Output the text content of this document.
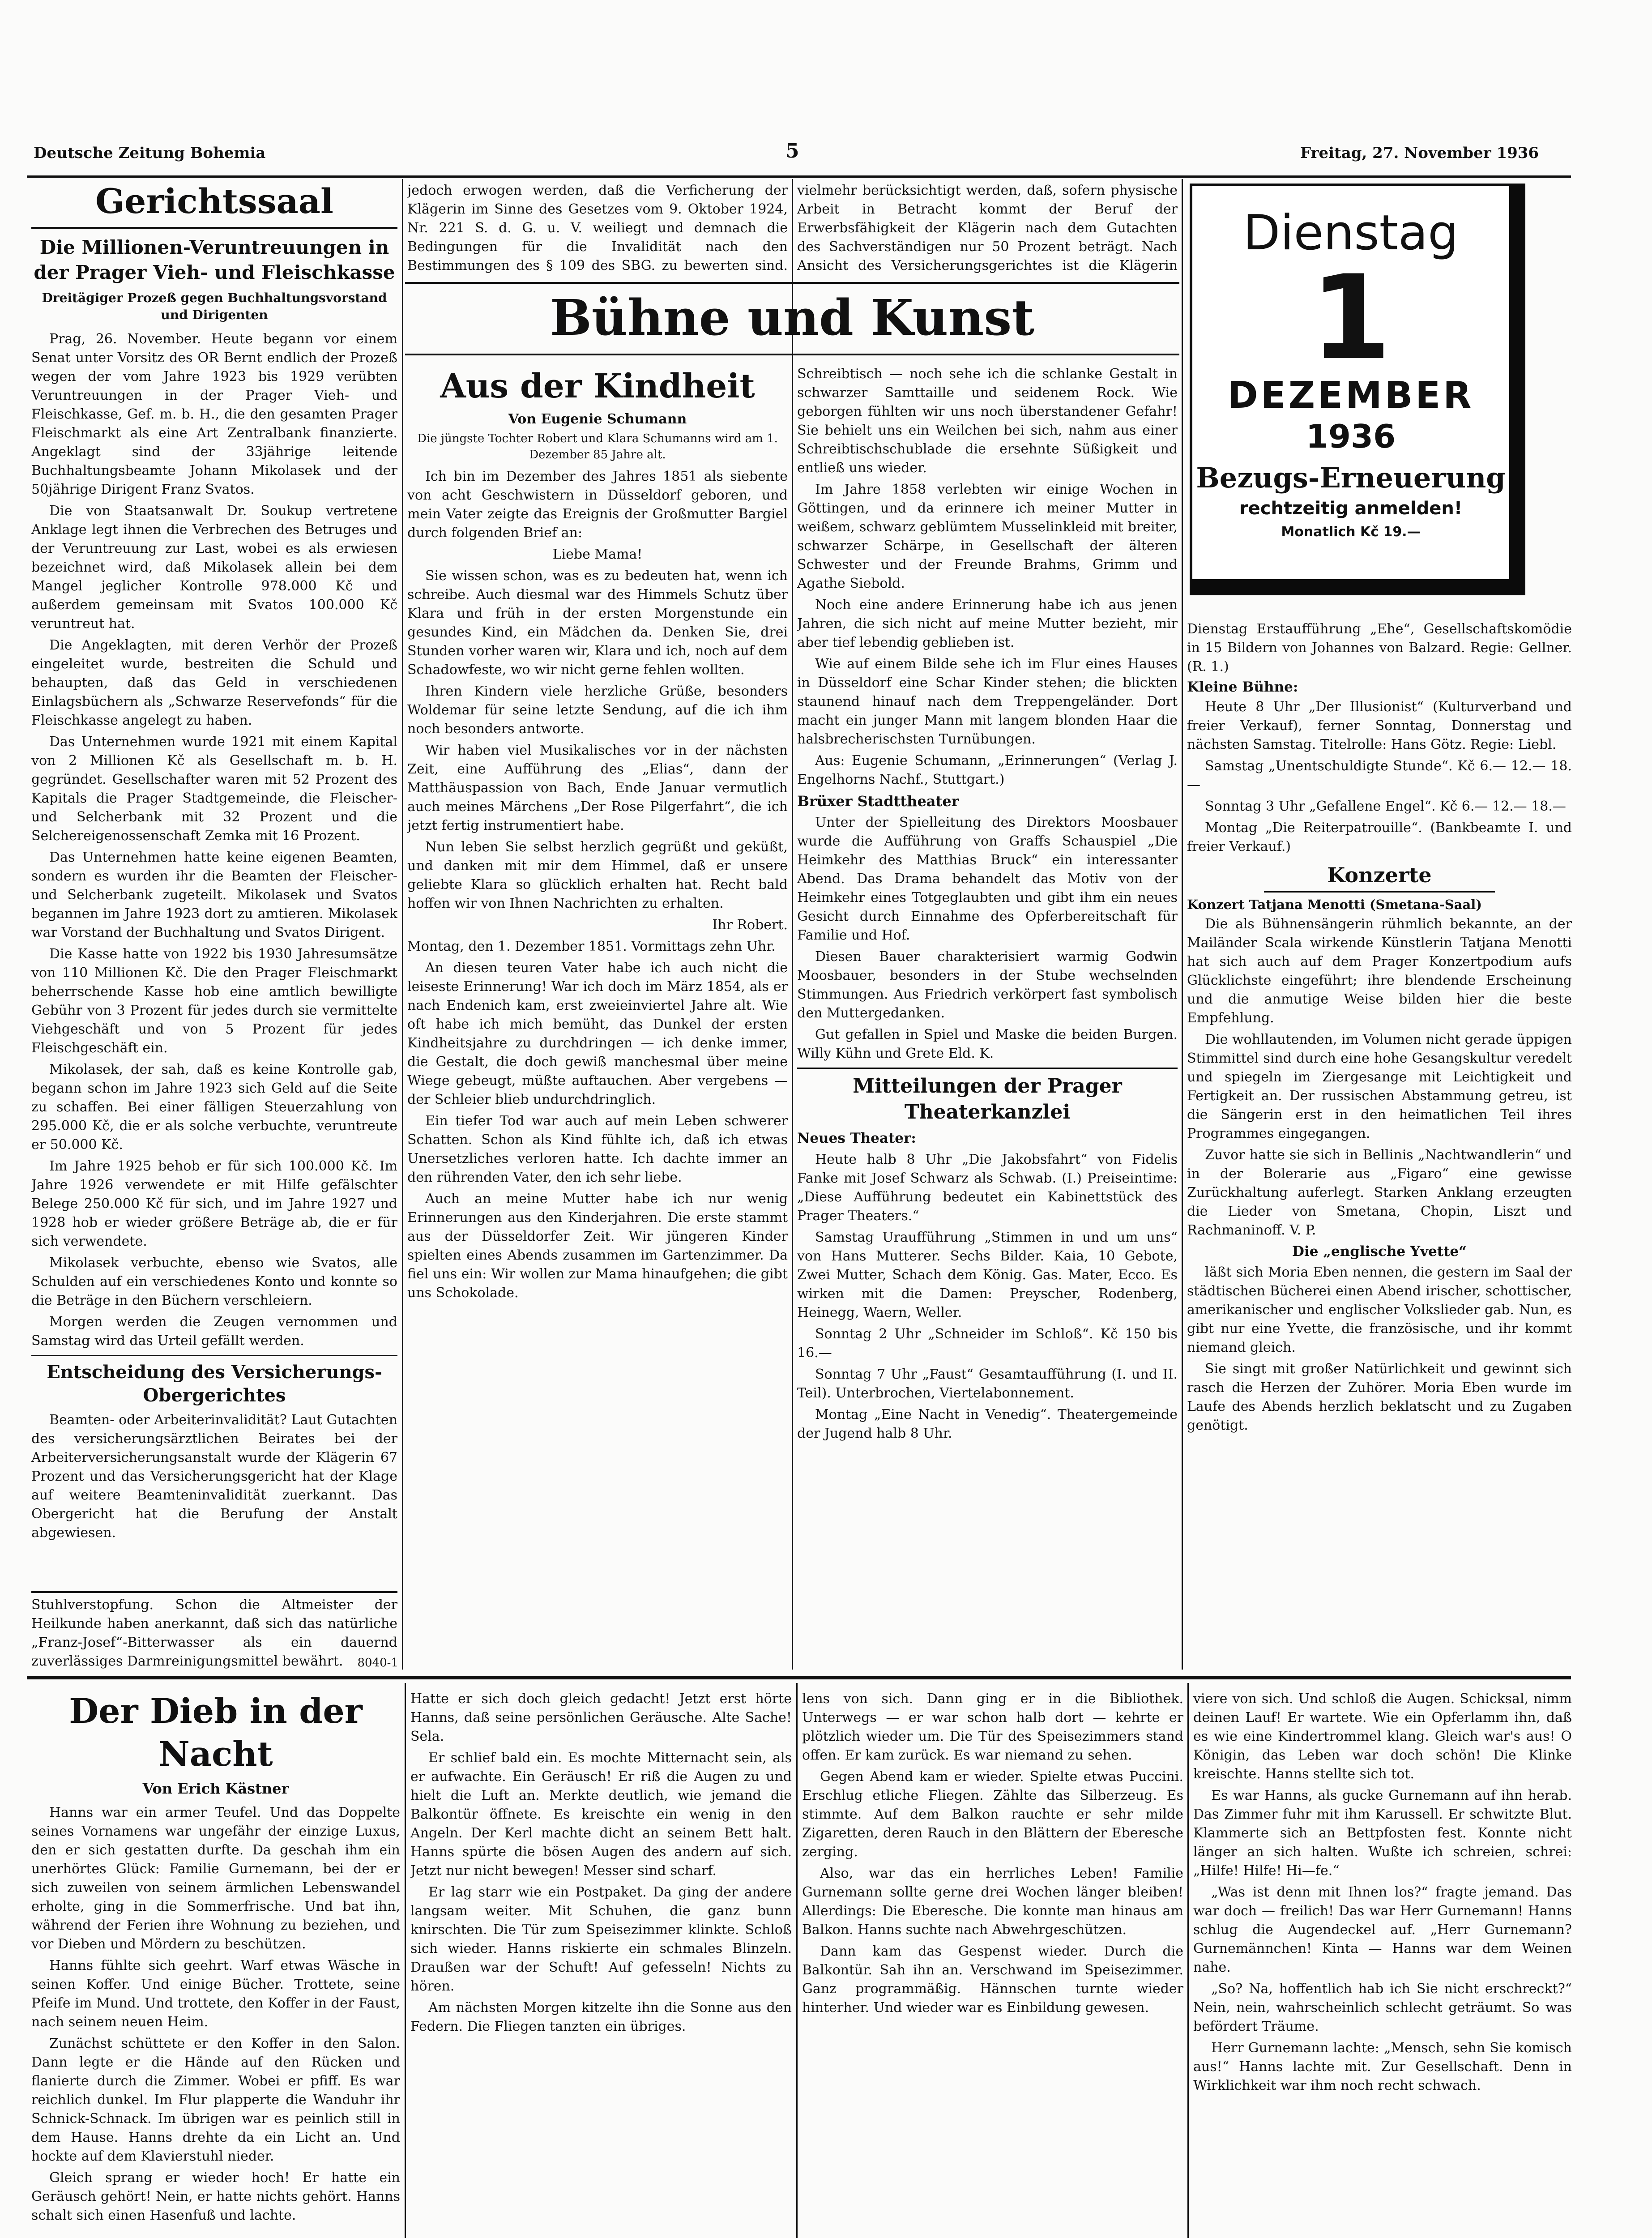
Deutsche Zeitung Bohemia	5	Freitag, 27. November 1936
Gerichtssaal
Die Millionen-Veruntreuungen in der Prager Vieh- und Fleischkasse
Dreitägiger Prozeß gegen Buchhaltungsvorstand und Dirigenten

Prag, 26. November. Heute begann vor einem Senat unter Vorsitz des OR Bernt endlich der Prozeß wegen der vom Jahre 1923 bis 1929 verübten Veruntreuungen in der Prager Vieh- und Fleischkasse, Gef. m. b. H., die den gesamten Prager Fleischmarkt als eine Art Zentralbank finanzierte. Angeklagt sind der 33jährige leitende Buchhaltungsbeamte Johann Mikolasek und der 50jährige Dirigent Franz Svatos.

Die von Staatsanwalt Dr. Soukup vertretene Anklage legt ihnen die Verbrechen des Betruges und der Veruntreuung zur Last, wobei es als erwiesen bezeichnet wird, daß Mikolasek allein bei dem Mangel jeglicher Kontrolle 978.000 Kč und außerdem gemeinsam mit Svatos 100.000 Kč veruntreut hat.

Die Angeklagten, mit deren Verhör der Prozeß eingeleitet wurde, bestreiten die Schuld und behaupten, daß das Geld in verschiedenen Einlagsbüchern als „Schwarze Reservefonds“ für die Fleischkasse angelegt zu haben.

Das Unternehmen wurde 1921 mit einem Kapital von 2 Millionen Kč als Gesellschaft m. b. H. gegründet. Gesellschafter waren mit 52 Prozent des Kapitals die Prager Stadtgemeinde, die Fleischer- und Selcherbank mit 32 Prozent und die Selchereigenossenschaft Zemka mit 16 Prozent.

Das Unternehmen hatte keine eigenen Beamten, sondern es wurden ihr die Beamten der Fleischer- und Selcherbank zugeteilt. Mikolasek und Svatos begannen im Jahre 1923 dort zu amtieren. Mikolasek war Vorstand der Buchhaltung und Svatos Dirigent.

Die Kasse hatte von 1922 bis 1930 Jahresumsätze von 110 Millionen Kč. Die den Prager Fleischmarkt beherrschende Kasse hob eine amtlich bewilligte Gebühr von 3 Prozent für jedes durch sie vermittelte Viehgeschäft und von 5 Prozent für jedes Fleischgeschäft ein.

Mikolasek, der sah, daß es keine Kontrolle gab, begann schon im Jahre 1923 sich Geld auf die Seite zu schaffen. Bei einer fälligen Steuerzahlung von 295.000 Kč, die er als solche verbuchte, veruntreute er 50.000 Kč.

Im Jahre 1925 behob er für sich 100.000 Kč. Im Jahre 1926 verwendete er mit Hilfe gefälschter Belege 250.000 Kč für sich, und im Jahre 1927 und 1928 hob er wieder größere Beträge ab, die er für sich verwendete.

Mikolasek verbuchte, ebenso wie Svatos, alle Schulden auf ein verschiedenes Konto und konnte so die Beträge in den Büchern verschleiern.

Morgen werden die Zeugen vernommen und Samstag wird das Urteil gefällt werden.

Entscheidung des Versicherungs-Obergerichtes

Beamten- oder Arbeiterinvalidität? Laut Gutachten des versicherungsärztlichen Beirates bei der Arbeiterversicherungsanstalt wurde der Klägerin 67 Prozent und das Versicherungsgericht hat der Klage auf weitere Beamteninvalidität zuerkannt. Das Obergericht hat die Berufung der Anstalt abgewiesen.

Stuhlverstopfung. Schon die Altmeister der Heilkunde haben anerkannt, daß sich das natürliche „Franz-Josef“-Bitterwasser als ein dauernd zuverlässiges Darmreinigungsmittel bewährt.

jedoch erwogen werden, daß die Verficherung der Klägerin im Sinne des Gesetzes vom 9. Oktober 1924, Nr. 221 S. d. G. u. V. weiliegt und demnach die Bedingungen für die Invalidität nach den Bestimmungen des § 109 des SBG. zu bewerten sind.

vielmehr berücksichtigt werden, daß, sofern physische Arbeit in Betracht kommt der Beruf der Erwerbsfähigkeit der Klägerin nach dem Gutachten des Sachverständigen nur 50 Prozent beträgt. Nach Ansicht des Versicherungsgerichtes ist die Klägerin

Bühne und Kunst
Aus der Kindheit
Von Eugenie Schumann
Die jüngste Tochter Robert und Klara Schumanns wird am 1. Dezember 85 Jahre alt.

Ich bin im Dezember des Jahres 1851 als siebente von acht Geschwistern in Düsseldorf geboren, und mein Vater zeigte das Ereignis der Großmutter Bargiel durch folgenden Brief an:

Liebe Mama!

Sie wissen schon, was es zu bedeuten hat, wenn ich schreibe. Auch diesmal war des Himmels Schutz über Klara und früh in der ersten Morgenstunde ein gesundes Kind, ein Mädchen da. Denken Sie, drei Stunden vorher waren wir, Klara und ich, noch auf dem Schadowfeste, wo wir nicht gerne fehlen wollten.

Ihren Kindern viele herzliche Grüße, besonders Woldemar für seine letzte Sendung, auf die ich ihm noch besonders antworte.

Wir haben viel Musikalisches vor in der nächsten Zeit, eine Aufführung des „Elias“, dann der Matthäuspassion von Bach, Ende Januar vermutlich auch meines Märchens „Der Rose Pilgerfahrt“, die ich jetzt fertig instrumentiert habe.

Nun leben Sie selbst herzlich gegrüßt und geküßt, und danken mit mir dem Himmel, daß er unsere geliebte Klara so glücklich erhalten hat. Recht bald hoffen wir von Ihnen Nachrichten zu erhalten.

Ihr Robert.

Montag, den 1. Dezember 1851. Vormittags zehn Uhr.

An diesen teuren Vater habe ich auch nicht die leiseste Erinnerung! War ich doch im März 1854, als er nach Endenich kam, erst zweieinviertel Jahre alt. Wie oft habe ich mich bemüht, das Dunkel der ersten Kindheitsjahre zu durchdringen — ich denke immer, die Gestalt, die doch gewiß manchesmal über meine Wiege gebeugt, müßte auftauchen. Aber vergebens — der Schleier blieb undurchdringlich.

Ein tiefer Tod war auch auf mein Leben schwerer Schatten. Schon als Kind fühlte ich, daß ich etwas Unersetzliches verloren hatte. Ich dachte immer an den rührenden Vater, den ich sehr liebe.

Auch an meine Mutter habe ich nur wenig Erinnerungen aus den Kinderjahren. Die erste stammt aus der Düsseldorfer Zeit. Wir jüngeren Kinder spielten eines Abends zusammen im Gartenzimmer. Da fiel uns ein: Wir wollen zur Mama hinaufgehen; die gibt uns Schokolade.

Schreibtisch — noch sehe ich die schlanke Gestalt in schwarzer Samttaille und seidenem Rock. Wie geborgen fühlten wir uns noch überstandener Gefahr! Sie behielt uns ein Weilchen bei sich, nahm aus einer Schreibtischschublade die ersehnte Süßigkeit und entließ uns wieder.

Im Jahre 1858 verlebten wir einige Wochen in Göttingen, und da erinnere ich meiner Mutter in weißem, schwarz geblümtem Musselinkleid mit breiter, schwarzer Schärpe, in Gesellschaft der älteren Schwester und der Freunde Brahms, Grimm und Agathe Siebold.

Noch eine andere Erinnerung habe ich aus jenen Jahren, die sich nicht auf meine Mutter bezieht, mir aber tief lebendig geblieben ist.

Wie auf einem Bilde sehe ich im Flur eines Hauses in Düsseldorf eine Schar Kinder stehen; die blickten staunend hinauf nach dem Treppengeländer. Dort macht ein junger Mann mit langem blonden Haar die halsbrecherischsten Turnübungen.

Aus: Eugenie Schumann, „Erinnerungen“ (Verlag J. Engelhorns Nachf., Stuttgart.)

Brüxer Stadttheater

Unter der Spielleitung des Direktors Moosbauer wurde die Aufführung von Graffs Schauspiel „Die Heimkehr des Matthias Bruck“ ein interessanter Abend. Das Drama behandelt das Motiv von der Heimkehr eines Totgeglaubten und gibt ihm ein neues Gesicht durch Einnahme des Opferbereitschaft für Familie und Hof.

Diesen Bauer charakterisiert warmig Godwin Moosbauer, besonders in der Stube wechselnden Stimmungen. Aus Friedrich verkörpert fast symbolisch den Muttergedanken.

Gut gefallen in Spiel und Maske die beiden Burgen. Willy Kühn und Grete Eld. K.

Mitteilungen der Prager Theaterkanzlei

Neues Theater:

Heute halb 8 Uhr „Die Jakobsfahrt“ von Fidelis Fanke mit Josef Schwarz als Schwab. (I.) Preiseintime: „Diese Aufführung bedeutet ein Kabinettstück des Prager Theaters.“

Samstag Uraufführung „Stimmen in und um uns“ von Hans Mutterer. Sechs Bilder. Kaia, 10 Gebote, Zwei Mutter, Schach dem König. Gas. Mater, Ecco. Es wirken mit die Damen: Preyscher, Rodenberg, Heinegg, Waern, Weller.

Sonntag 2 Uhr „Schneider im Schloß“. Kč 150 bis 16.—

Sonntag 7 Uhr „Faust“ Gesamtaufführung (I. und II. Teil). Unterbrochen, Viertelabonnement.

Montag „Eine Nacht in Venedig“. Theatergemeinde der Jugend halb 8 Uhr.

Dienstag
1
DEZEMBER
1936
Bezugs-Erneuerung
rechtzeitig anmelden!
Monatlich Kč 19.—

Dienstag Erstaufführung „Ehe“, Gesellschaftskomödie in 15 Bildern von Johannes von Balzard. Regie: Gellner. (R. 1.)

Kleine Bühne:

Heute 8 Uhr „Der Illusionist“ (Kulturverband und freier Verkauf), ferner Sonntag, Donnerstag und nächsten Samstag. Titelrolle: Hans Götz. Regie: Liebl.

Samstag „Unentschuldigte Stunde“. Kč 6.— 12.— 18.—

Sonntag 3 Uhr „Gefallene Engel“. Kč 6.— 12.— 18.—

Montag „Die Reiterpatrouille“. (Bankbeamte I. und freier Verkauf.)

Konzerte
Konzert Tatjana Menotti (Smetana-Saal)

Die als Bühnensängerin rühmlich bekannte, an der Mailänder Scala wirkende Künstlerin Tatjana Menotti hat sich auch auf dem Prager Konzertpodium aufs Glücklichste eingeführt; ihre blendende Erscheinung und die anmutige Weise bilden hier die beste Empfehlung.

Die wohllautenden, im Volumen nicht gerade üppigen Stimmittel sind durch eine hohe Gesangskultur veredelt und spiegeln im Ziergesange mit Leichtigkeit und Fertigkeit an. Der russischen Abstammung getreu, ist die Sängerin erst in den heimatlichen Teil ihres Programmes eingegangen.

Zuvor hatte sie sich in Bellinis „Nachtwandlerin“ und in der Bolerarie aus „Figaro“ eine gewisse Zurückhaltung auferlegt. Starken Anklang erzeugten die Lieder von Smetana, Chopin, Liszt und Rachmaninoff. V. P.

Die „englische Yvette“

läßt sich Moria Eben nennen, die gestern im Saal der städtischen Bücherei einen Abend irischer, schottischer, amerikanischer und englischer Volkslieder gab. Nun, es gibt nur eine Yvette, die französische, und ihr kommt niemand gleich.

Sie singt mit großer Natürlichkeit und gewinnt sich rasch die Herzen der Zuhörer. Moria Eben wurde im Laufe des Abends herzlich beklatscht und zu Zugaben genötigt.

Der Dieb in der Nacht
Von Erich Kästner

Hanns war ein armer Teufel. Und das Doppelte seines Vornamens war ungefähr der einzige Luxus, den er sich gestatten durfte. Da geschah ihm ein unerhörtes Glück: Familie Gurnemann, bei der er sich zuweilen von seinem ärmlichen Lebenswandel erholte, ging in die Sommerfrische. Und bat ihn, während der Ferien ihre Wohnung zu beziehen, und vor Dieben und Mördern zu beschützen.

Hanns fühlte sich geehrt. Warf etwas Wäsche in seinen Koffer. Und einige Bücher. Trottete, seine Pfeife im Mund. Und trottete, den Koffer in der Faust, nach seinem neuen Heim.

Zunächst schüttete er den Koffer in den Salon. Dann legte er die Hände auf den Rücken und flanierte durch die Zimmer. Wobei er pfiff. Es war reichlich dunkel. Im Flur plapperte die Wanduhr ihr Schnick-Schnack. Im übrigen war es peinlich still in dem Hause. Hanns drehte da ein Licht an. Und hockte auf dem Klavierstuhl nieder.

Gleich sprang er wieder hoch! Er hatte ein Geräusch gehört! Nein, er hatte nichts gehört. Hanns schalt sich einen Hasenfuß und lachte.

Hatte er sich doch gleich gedacht! Jetzt erst hörte Hanns, daß seine persönlichen Geräusche. Alte Sache! Sela.

Er schlief bald ein. Es mochte Mitternacht sein, als er aufwachte. Ein Geräusch! Er riß die Augen zu und hielt die Luft an. Merkte deutlich, wie jemand die Balkontür öffnete. Es kreischte ein wenig in den Angeln. Der Kerl machte dicht an seinem Bett halt. Hanns spürte die bösen Augen des andern auf sich. Jetzt nur nicht bewegen! Messer sind scharf.

Er lag starr wie ein Postpaket. Da ging der andere langsam weiter. Mit Schuhen, die ganz bunn knirschten. Die Tür zum Speisezimmer klinkte. Schloß sich wieder. Hanns riskierte ein schmales Blinzeln. Draußen war der Schuft! Auf gefesseln! Nichts zu hören.

Am nächsten Morgen kitzelte ihn die Sonne aus den Federn. Die Fliegen tanzten ein übriges.

lens von sich. Dann ging er in die Bibliothek. Unterwegs — er war schon halb dort — kehrte er plötzlich wieder um. Die Tür des Speisezimmers stand offen. Er kam zurück. Es war niemand zu sehen.

Gegen Abend kam er wieder. Spielte etwas Puccini. Erschlug etliche Fliegen. Zählte das Silberzeug. Es stimmte. Auf dem Balkon rauchte er sehr milde Zigaretten, deren Rauch in den Blättern der Eberesche zerging.

Also, war das ein herrliches Leben! Familie Gurnemann sollte gerne drei Wochen länger bleiben! Allerdings: Die Eberesche. Die konnte man hinaus am Balkon. Hanns suchte nach Abwehrgeschützen.

Dann kam das Gespenst wieder. Durch die Balkontür. Sah ihn an. Verschwand im Speisezimmer. Ganz programmäßig. Hännschen turnte wieder hinterher. Und wieder war es Einbildung gewesen.

viere von sich. Und schloß die Augen. Schicksal, nimm deinen Lauf! Er wartete. Wie ein Opferlamm ihn, daß es wie eine Kindertrommel klang. Gleich war's aus! O Königin, das Leben war doch schön! Die Klinke kreischte. Hanns stellte sich tot.

Es war Hanns, als gucke Gurnemann auf ihn herab. Das Zimmer fuhr mit ihm Karussell. Er schwitzte Blut. Klammerte sich an Bettpfosten fest. Konnte nicht länger an sich halten. Wußte ich schreien, schrei: „Hilfe! Hilfe! Hi—fe.“

„Was ist denn mit Ihnen los?“ fragte jemand. Das war doch — freilich! Das war Herr Gurnemann! Hanns schlug die Augendeckel auf. „Herr Gurnemann? Gurnemännchen! Kinta — Hanns war dem Weinen nahe.

„So? Na, hoffentlich hab ich Sie nicht erschreckt?“ Nein, nein, wahrscheinlich schlecht geträumt. So was befördert Träume.

Herr Gurnemann lachte: „Mensch, sehn Sie komisch aus!“ Hanns lachte mit. Zur Gesellschaft. Denn in Wirklichkeit war ihm noch recht schwach.

8040-1
